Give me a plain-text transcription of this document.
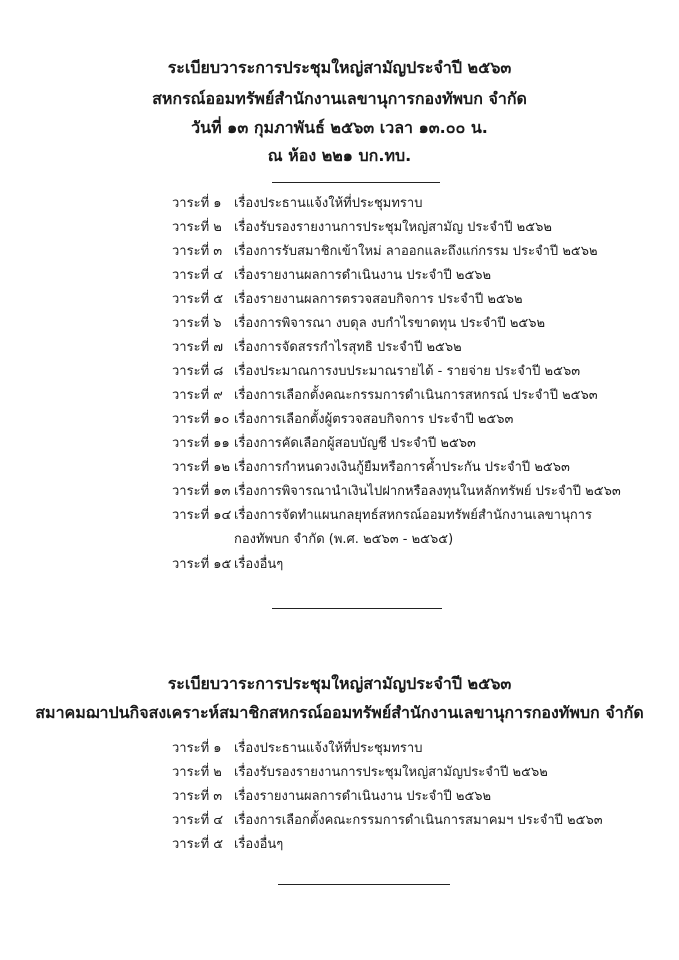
ระเบียบวาระการประชุมใหญ่สามัญประจำปี ๒๕๖๓
สหกรณ์ออมทรัพย์สำนักงานเลขานุการกองทัพบก จำกัด
วันที่ ๑๓ กุมภาพันธ์ ๒๕๖๓ เวลา ๑๓.๐๐ น.
ณ ห้อง ๒๒๑ บก.ทบ.
วาระที่ ๑ เรื่องประธานแจ้งให้ที่ประชุมทราบ
วาระที่ ๒ เรื่องรับรองรายงานการประชุมใหญ่สามัญ ประจำปี ๒๕๖๒
วาระที่ ๓ เรื่องการรับสมาชิกเข้าใหม่ ลาออกและถึงแก่กรรม ประจำปี ๒๕๖๒
วาระที่ ๔ เรื่องรายงานผลการดำเนินงาน ประจำปี ๒๕๖๒
วาระที่ ๕ เรื่องรายงานผลการตรวจสอบกิจการ ประจำปี ๒๕๖๒
วาระที่ ๖ เรื่องการพิจารณา งบดุล งบกำไรขาดทุน ประจำปี ๒๕๖๒
วาระที่ ๗ เรื่องการจัดสรรกำไรสุทธิ ประจำปี ๒๕๖๒
วาระที่ ๘ เรื่องประมาณการงบประมาณรายได้ - รายจ่าย ประจำปี ๒๕๖๓
วาระที่ ๙ เรื่องการเลือกตั้งคณะกรรมการดำเนินการสหกรณ์ ประจำปี ๒๕๖๓
วาระที่ ๑๐ เรื่องการเลือกตั้งผู้ตรวจสอบกิจการ ประจำปี ๒๕๖๓
วาระที่ ๑๑ เรื่องการคัดเลือกผู้สอบบัญชี ประจำปี ๒๕๖๓
วาระที่ ๑๒ เรื่องการกำหนดวงเงินกู้ยืมหรือการค้ำประกัน ประจำปี ๒๕๖๓
วาระที่ ๑๓ เรื่องการพิจารณานำเงินไปฝากหรือลงทุนในหลักทรัพย์ ประจำปี ๒๕๖๓
วาระที่ ๑๔ เรื่องการจัดทำแผนกลยุทธ์สหกรณ์ออมทรัพย์สำนักงานเลขานุการ
กองทัพบก จำกัด (พ.ศ. ๒๕๖๓ - ๒๕๖๕)
วาระที่ ๑๕ เรื่องอื่นๆ
ระเบียบวาระการประชุมใหญ่สามัญประจำปี ๒๕๖๓
สมาคมฌาปนกิจสงเคราะห์สมาชิกสหกรณ์ออมทรัพย์สำนักงานเลขานุการกองทัพบก จำกัด
วาระที่ ๑ เรื่องประธานแจ้งให้ที่ประชุมทราบ
วาระที่ ๒ เรื่องรับรองรายงานการประชุมใหญ่สามัญประจำปี ๒๕๖๒
วาระที่ ๓ เรื่องรายงานผลการดำเนินงาน ประจำปี ๒๕๖๒
วาระที่ ๔ เรื่องการเลือกตั้งคณะกรรมการดำเนินการสมาคมฯ ประจำปี ๒๕๖๓
วาระที่ ๕ เรื่องอื่นๆ
